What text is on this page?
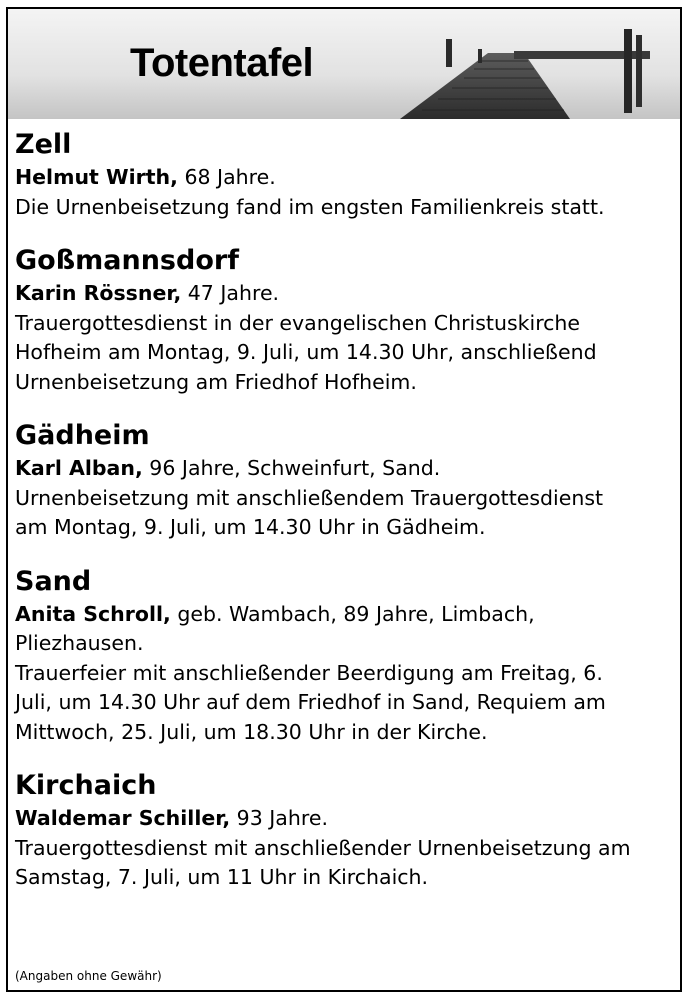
Totentafel

Zell

Helmut Wirth, 68 Jahre.

Die Urnenbeisetzung fand im engsten Familienkreis statt.

Goßmannsdorf

Karin Rössner, 47 Jahre.

Trauergottesdienst in der evangelischen Christuskirche

Hofheim am Montag, 9. Juli, um 14.30 Uhr, anschließend

Urnenbeisetzung am Friedhof Hofheim.

Gädheim

Karl Alban, 96 Jahre, Schweinfurt, Sand.

Urnenbeisetzung mit anschließendem Trauergottesdienst

am Montag, 9. Juli, um 14.30 Uhr in Gädheim.

Sand

Anita Schroll, geb. Wambach, 89 Jahre, Limbach,

Pliezhausen.

Trauerfeier mit anschließender Beerdigung am Freitag, 6.

Juli, um 14.30 Uhr auf dem Friedhof in Sand, Requiem am

Mittwoch, 25. Juli, um 18.30 Uhr in der Kirche.

Kirchaich

Waldemar Schiller, 93 Jahre.

Trauergottesdienst mit anschließender Urnenbeisetzung am

Samstag, 7. Juli, um 11 Uhr in Kirchaich.

(Angaben ohne Gewähr)
